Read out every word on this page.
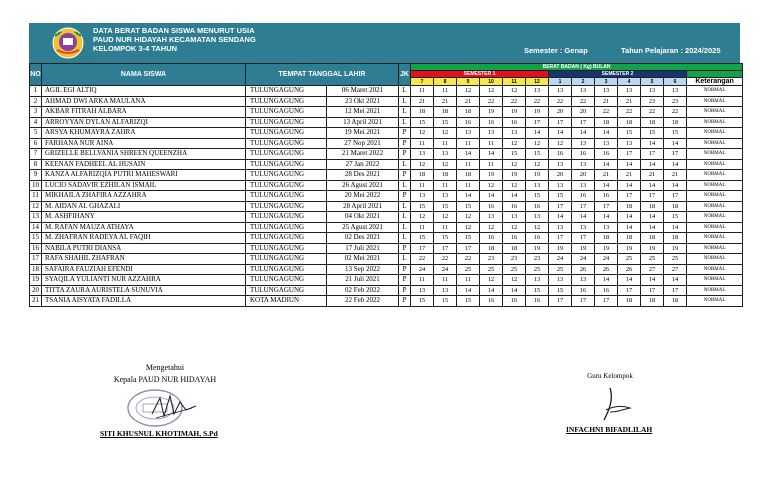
DATA BERAT BADAN SISWA MENURUT USIA
PAUD NUR HIDAYAH KECAMATAN SENDANG
KELOMPOK 3-4 TAHUN	Semester : Genap	Tahun Pelajaran : 2024/2025
NO	NAMA SISWA	TEMPAT TANGGAL LAHIR		JK	BERAT BADAN ( Kg) BULAN												
					SEMESTER 1						SEMESTER 2						
					7	8	9	10	11	12	1	2	3	4	5	6	Keterangan
1	AGIL EGI ALTIQ	TULUNGAGUNG	06 Maret 2021	L	11	11	12	12	12	13	13	13	13	13	13	13	NORMAL
2	AHMAD DWI ARKA MAULANA	TULUNGAGUNG	23 Okt 2021	L	21	21	21	22	22	22	22	22	21	21	23	23	NORMAL
3	AKBAR FITRAH ALBARA	TULUNGAGUNG	12 Mei 2021	L	18	18	18	19	19	19	20	20	22	22	22	22	NORMAL
4	ARROYYAN DYLAN ALFARIZQI	TULUNGAGUNG	13 April 2021	L	15	15	16	16	16	17	17	17	18	18	18	18	NORMAL
5	ARSYA KHUMAYRA ZAHRA	TULUNGAGUNG	19 Mei 2021	P	12	12	13	13	13	14	14	14	14	15	15	15	NORMAL
6	FARHANA NUR AINA	TULUNGAGUNG	27 Nop 2021	P	11	11	11	11	12	12	12	13	13	13	14	14	NORMAL
7	GRIZELLE BELLVANIA SHREEN QUEENZHA	TULUNGAGUNG	21 Maret 2022	P	13	13	14	14	15	15	16	16	16	17	17	17	NORMAL
8	KEENAN FADHEEL AL HUSAIN	TULUNGAGUNG	27 Jan 2022	L	12	12	11	11	12	12	13	13	14	14	14	14	NORMAL
9	KANZA ALFARIZQIA PUTRI MAHESWARI	TULUNGAGUNG	28 Des 2021	P	18	18	18	19	19	19	20	20	21	21	21	21	NORMAL
10	LUCIO SADAVIR EZHILAN ISMAIL	TULUNGAGUNG	26 Agust 2021	L	11	11	11	12	12	13	13	13	14	14	14	14	NORMAL
11	MIKHAILA ZHAFIRA AZZAHRA	TULUNGAGUNG	20 Mei 2022	P	13	13	14	14	14	15	15	16	16	17	17	17	NORMAL
12	M. AIDAN AL GHAZALI	TULUNGAGUNG	28 April 2021	L	15	15	15	16	16	16	17	17	17	18	18	18	NORMAL
13	M. ASHFIHANY	TULUNGAGUNG	04 Okt 2021	L	12	12	12	13	13	13	14	14	14	14	14	15	NORMAL
14	M. RAFAN MAUZA ATHAYA	TULUNGAGUNG	25 Agust 2021	L	11	11	12	12	12	12	13	13	13	14	14	14	NORMAL
15	M. ZHAFRAN RADEYA AL FAQIH	TULUNGAGUNG	02 Des 2021	L	15	15	15	16	16	16	17	17	18	18	18	18	NORMAL
16	NABILA PUTRI DIANSA	TULUNGAGUNG	17 Juli 2021	P	17	17	17	18	18	19	19	19	19	19	19	19	NORMAL
17	RAFA SHAHIL ZHAFRAN	TULUNGAGUNG	02 Mei 2021	L	22	22	22	23	23	23	24	24	24	25	25	25	NORMAL
18	SAFAIRA FAUZIAH EFENDI	TULUNGAGUNG	13 Sep 2022	P	24	24	25	25	25	25	25	26	26	26	27	27	NORMAL
19	SYAQILA YULIANTI NUR AZZAHRA	TULUNGAGUNG	21 Juli 2021	P	11	11	11	12	12	13	13	13	14	14	14	14	NORMAL
20	TITTA ZAURA AURISTELA SUNUVIA	TULUNGAGUNG	02 Feb 2022	P	13	13	14	14	14	15	15	16	16	17	17	17	NORMAL
21	TSANIA AISYATA FADILLA	KOTA MADIUN	22 Feb 2022	P	15	15	15	16	16	16	17	17	17	18	18	18	NORMAL
Mengetahui
Kepala PAUD NUR HIDAYAH
SITI KHUSNUL KHOTIMAH, S.Pd
Guru Kelompok
INFACHNI BIFADLILAH
